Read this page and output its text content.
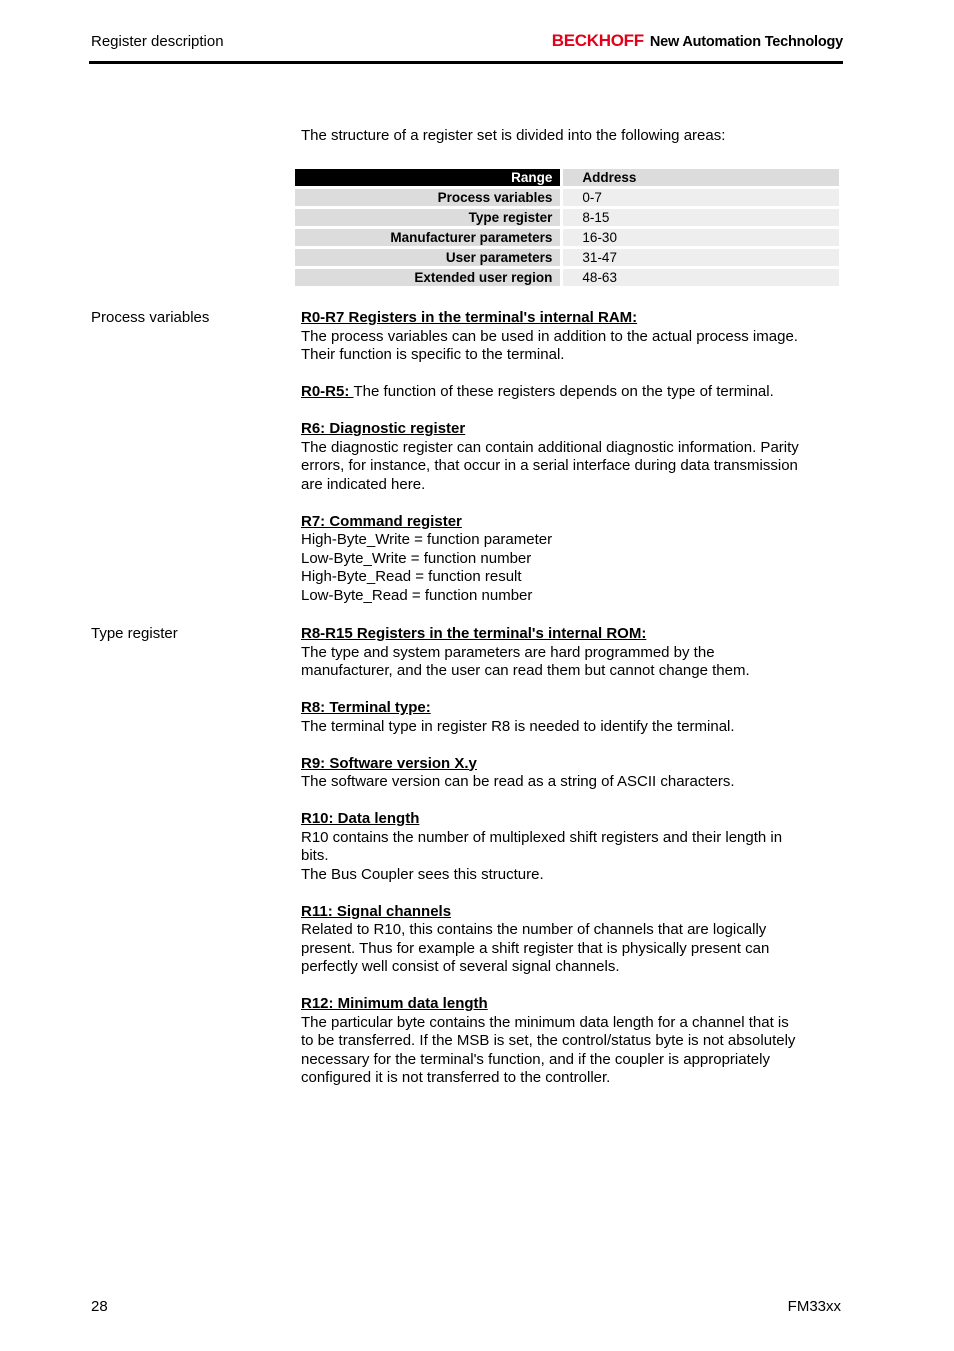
Register description	BECKHOFF New Automation Technology
The structure of a register set is divided into the following areas:
Range	Address
Process variables	0-7
Type register	8-15
Manufacturer parameters	16-30
User parameters	31-47
Extended user region	48-63
Process variables	R0-R7 Registers in the terminal's internal RAM:
The process variables can be used in addition to the actual process image.
Their function is specific to the terminal.

R0-R5: The function of these registers depends on the type of terminal.

R6: Diagnostic register
The diagnostic register can contain additional diagnostic information. Parity
errors, for instance, that occur in a serial interface during data transmission
are indicated here.

R7: Command register
High-Byte_Write = function parameter
Low-Byte_Write = function number
High-Byte_Read = function result
Low-Byte_Read = function number

Type register	R8-R15 Registers in the terminal's internal ROM:
The type and system parameters are hard programmed by the
manufacturer, and the user can read them but cannot change them.

R8: Terminal type:
The terminal type in register R8 is needed to identify the terminal.

R9: Software version X.y
The software version can be read as a string of ASCII characters.

R10: Data length
R10 contains the number of multiplexed shift registers and their length in
bits.
The Bus Coupler sees this structure.

R11: Signal channels
Related to R10, this contains the number of channels that are logically
present. Thus for example a shift register that is physically present can
perfectly well consist of several signal channels.

R12: Minimum data length
The particular byte contains the minimum data length for a channel that is
to be transferred. If the MSB is set, the control/status byte is not absolutely
necessary for the terminal's function, and if the coupler is appropriately
configured it is not transferred to the controller.

28	FM33xx
